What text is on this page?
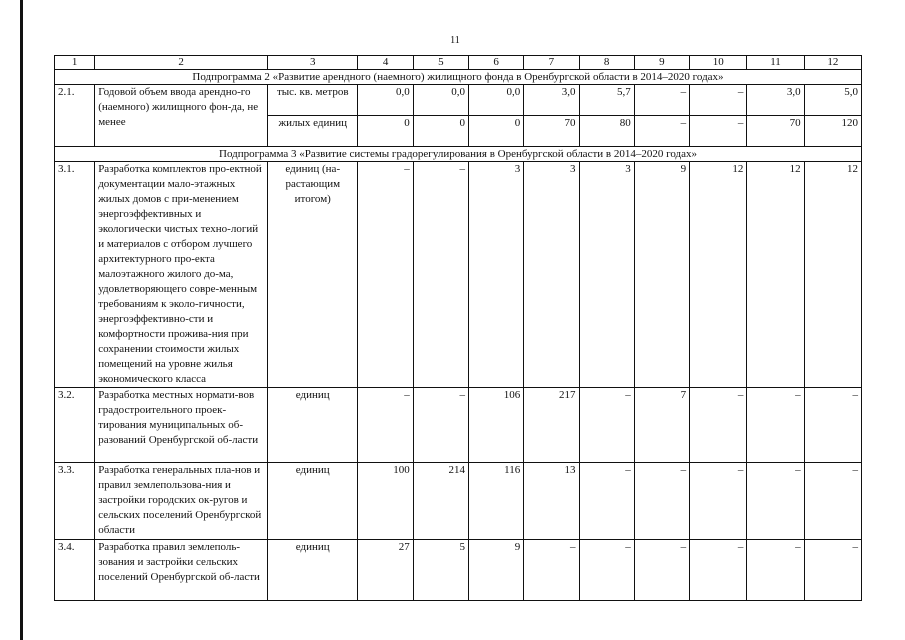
11
1	2	3	4	5	6	7	8	9	10	11	12
Подпрограмма 2 «Развитие арендного (наемного) жилищного фонда в Оренбургской области в 2014–2020 годах»											
2.1.	Годовой объем ввода арендно-го (наемного) жилищного фон-да, не менее	тыс. кв. метров	0,0	0,0	0,0	3,0	5,7	–	–	3,0	5,0
		жилых единиц	0	0	0	70	80	–	–	70	120
Подпрограмма 3 «Развитие системы градорегулирования в Оренбургской области в 2014–2020 годах»											
3.1.	Разработка комплектов про-ектной документации мало-этажных жилых домов с при-менением энергоэффективных и экологически чистых техно-логий и материалов с отбором лучшего архитектурного про-екта малоэтажного жилого до-ма, удовлетворяющего совре-менным требованиям к эколо-гичности, энергоэффективно-сти и комфортности прожива-ния при сохранении стоимости жилых помещений на уровне жилья экономического класса	единиц (на-растающим итогом)	–	–	3	3	3	9	12	12	12
3.2.	Разработка местных нормати-вов градостроительного проек-тирования муниципальных об-разований Оренбургской об-ласти	единиц	–	–	106	217	–	7	–	–	–
3.3.	Разработка генеральных пла-нов и правил землепользова-ния и застройки городских ок-ругов и сельских поселений Оренбургской области	единиц	100	214	116	13	–	–	–	–	–
3.4.	Разработка правил землеполь-зования и застройки сельских поселений Оренбургской об-ласти	единиц	27	5	9	–	–	–	–	–	–
